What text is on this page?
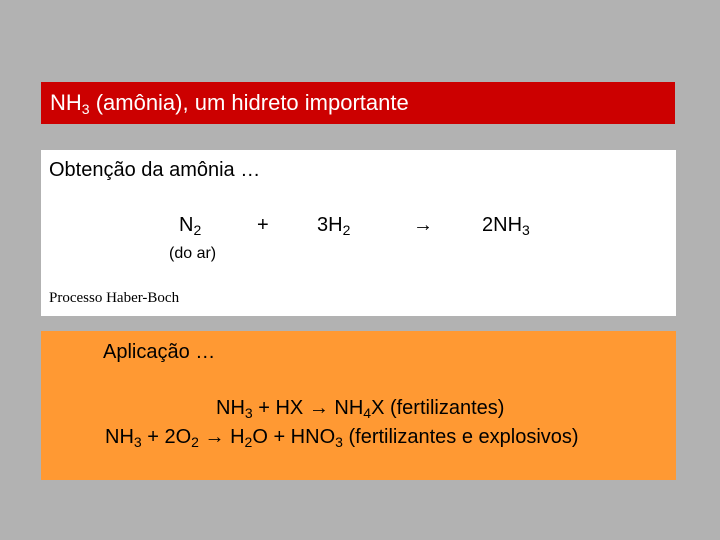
$NH_3$ (amônia), um hidreto importante
Obtenção da amônia …
$N_2$	+ $3H_2$	→ $2NH_3$
(do ar)
Processo Haber-Boch
Aplicação …
$NH_3$ + HX → $NH_4X$ (fertilizantes)
$NH_3 + 2O_2 \to H_2O + HNO_3$ (fertilizantes e explosivos)
